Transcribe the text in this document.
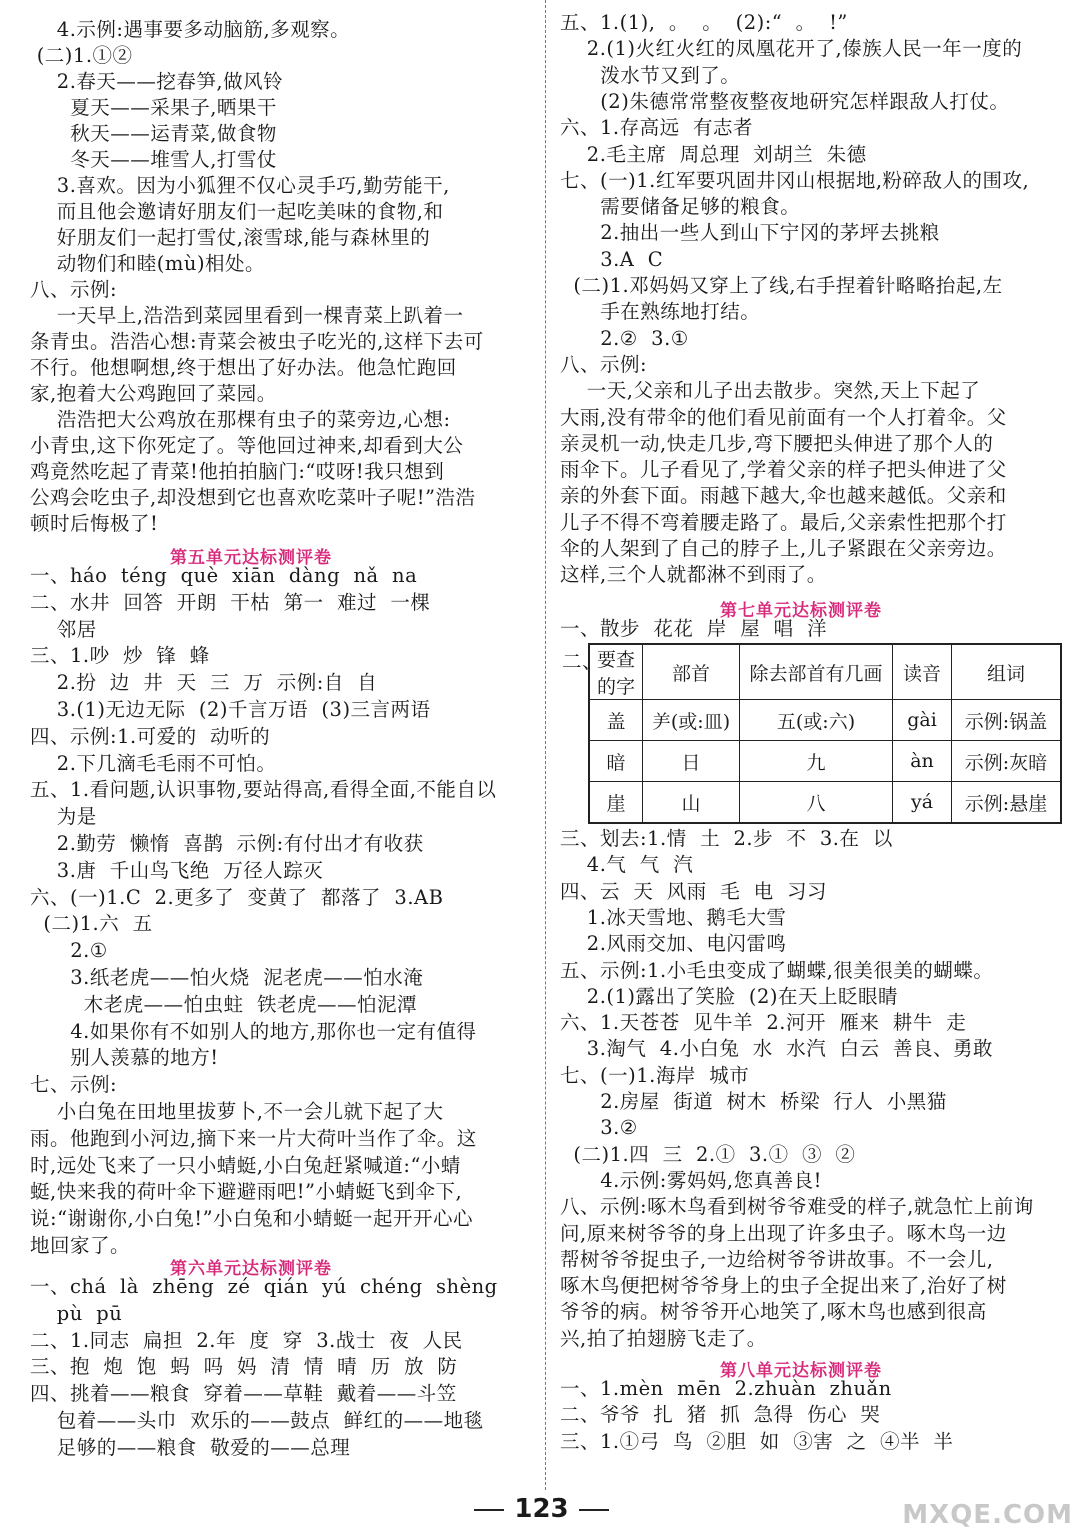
4.示例:遇事要多动脑筋,多观察。
(二)1.①②
2.春天——挖春笋,做风铃
夏天——采果子,晒果干
秋天——运青菜,做食物
冬天——堆雪人,打雪仗
3.喜欢。因为小狐狸不仅心灵手巧,勤劳能干,
而且他会邀请好朋友们一起吃美味的食物,和
好朋友们一起打雪仗,滚雪球,能与森林里的
动物们和睦(mù)相处。
八、示例:
一天早上,浩浩到菜园里看到一棵青菜上趴着一
条青虫。浩浩心想:青菜会被虫子吃光的,这样下去可
不行。他想啊想,终于想出了好办法。他急忙跑回
家,抱着大公鸡跑回了菜园。
浩浩把大公鸡放在那棵有虫子的菜旁边,心想:
小青虫,这下你死定了。等他回过神来,却看到大公
鸡竟然吃起了青菜!他拍拍脑门:“哎呀!我只想到
公鸡会吃虫子,却没想到它也喜欢吃菜叶子呢!”浩浩
顿时后悔极了!
一、háo  téng  què  xiān  dàng  nǎ  na
二、水井  回答  开朗  干枯  第一  难过  一棵
邻居
三、1.吵  炒  锋  蜂
2.扮  边  井  天  三  万  示例:自  自
3.(1)无边无际  (2)千言万语  (3)三言两语
四、示例:1.可爱的  动听的
2.下几滴毛毛雨不可怕。
五、1.看问题,认识事物,要站得高,看得全面,不能自以
为是
2.勤劳  懒惰  喜鹊  示例:有付出才有收获
3.唐  千山鸟飞绝  万径人踪灭
六、(一)1.C  2.更多了  变黄了  都落了  3.AB
(二)1.六  五
2.①
3.纸老虎——怕火烧  泥老虎——怕水淹
木老虎——怕虫蛀  铁老虎——怕泥潭
4.如果你有不如别人的地方,那你也一定有值得
别人羡慕的地方!
七、示例:
小白兔在田地里拔萝卜,不一会儿就下起了大
雨。他跑到小河边,摘下来一片大荷叶当作了伞。这
时,远处飞来了一只小蜻蜓,小白兔赶紧喊道:“小蜻
蜓,快来我的荷叶伞下避避雨吧!”小蜻蜓飞到伞下,
说:“谢谢你,小白兔!”小白兔和小蜻蜓一起开开心心
地回家了。
一、chá  là  zhēng  zé  qián  yú  chéng  shèng
pù  pū
二、1.同志  扁担  2.年  度  穿  3.战士  夜  人民
三、抱  炮  饱  蚂  吗  妈  清  情  晴  历  放  防
四、挑着——粮食  穿着——草鞋  戴着——斗笠
包着——头巾  欢乐的——鼓点  鲜红的——地毯
足够的——粮食  敬爱的——总理
五、1.(1),  。  。  (2):“  。  !”
2.(1)火红火红的凤凰花开了,傣族人民一年一度的
泼水节又到了。
(2)朱德常常整夜整夜地研究怎样跟敌人打仗。
六、1.存高远  有志者
2.毛主席  周总理  刘胡兰  朱德
七、(一)1.红军要巩固井冈山根据地,粉碎敌人的围攻,
需要储备足够的粮食。
2.抽出一些人到山下宁冈的茅坪去挑粮
3.A  C
(二)1.邓妈妈又穿上了线,右手捏着针略略抬起,左
手在熟练地打结。
2.②  3.①
八、示例:
一天,父亲和儿子出去散步。突然,天上下起了
大雨,没有带伞的他们看见前面有一个人打着伞。父
亲灵机一动,快走几步,弯下腰把头伸进了那个人的
雨伞下。儿子看见了,学着父亲的样子把头伸进了父
亲的外套下面。雨越下越大,伞也越来越低。父亲和
儿子不得不弯着腰走路了。最后,父亲索性把那个打
伞的人架到了自己的脖子上,儿子紧跟在父亲旁边。
这样,三个人就都淋不到雨了。
一、散步  花花  岸  屋  唱  洋
三、划去:1.情  土  2.步  不  3.在  以
4.气  气  汽
四、云  天  风雨  毛  电  习习
1.冰天雪地、鹅毛大雪
2.风雨交加、电闪雷鸣
五、示例:1.小毛虫变成了蝴蝶,很美很美的蝴蝶。
2.(1)露出了笑脸  (2)在天上眨眼睛
六、1.天苍苍  见牛羊  2.河开  雁来  耕牛  走
3.淘气  4.小白兔  水  水汽  白云  善良、勇敢
七、(一)1.海岸  城市
2.房屋  街道  树木  桥梁  行人  小黑猫
3.②
(二)1.四  三  2.①  3.①  ③  ②
4.示例:雾妈妈,您真善良!
八、示例:啄木鸟看到树爷爷难受的样子,就急忙上前询
问,原来树爷爷的身上出现了许多虫子。啄木鸟一边
帮树爷爷捉虫子,一边给树爷爷讲故事。不一会儿,
啄木鸟便把树爷爷身上的虫子全捉出来了,治好了树
爷爷的病。树爷爷开心地笑了,啄木鸟也感到很高
兴,拍了拍翅膀飞走了。
一、1.mèn  mēn  2.zhuàn  zhuǎn
二、爷爷  扎  猪  抓  急得  伤心  哭
三、1.①弓  鸟  ②胆  如  ③害  之  ④半  半
第五单元达标测评卷
第六单元达标测评卷
第七单元达标测评卷
第八单元达标测评卷
二、
要查的字	部首	除去部首有几画	读音	组词
盖	⺶(或:皿)	五(或:六)	gài	示例:锅盖
暗	日	九	àn	示例:灰暗
崖	山	八	yá	示例:悬崖
123	MXQE.COM
